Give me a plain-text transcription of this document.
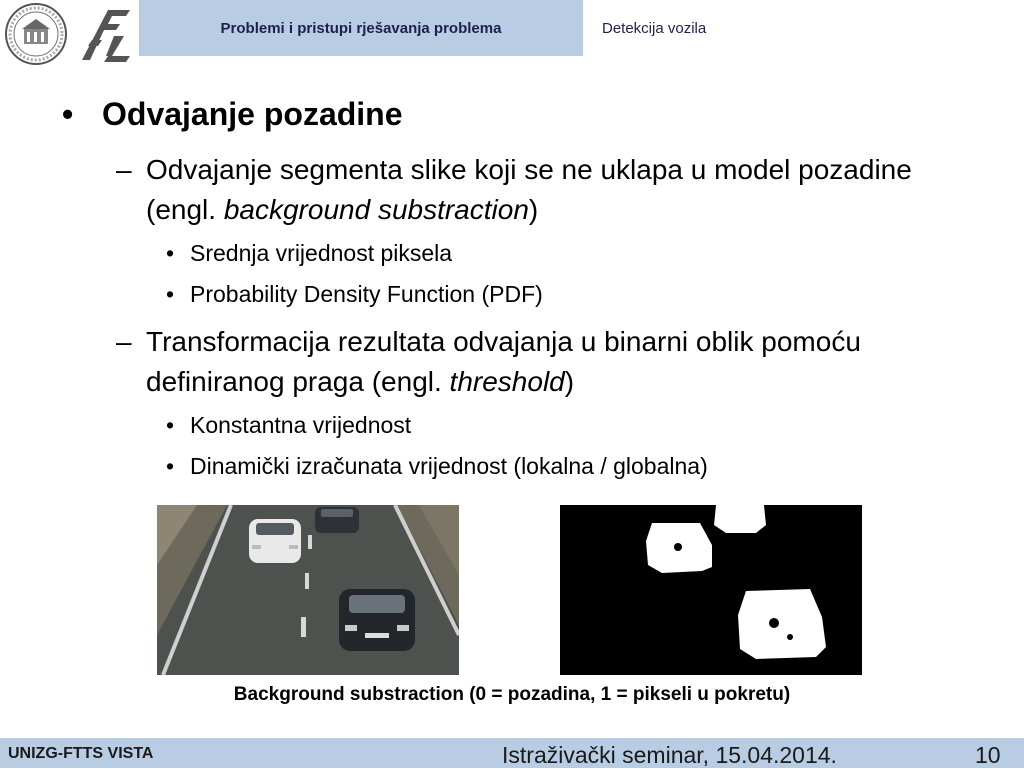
Problemi i pristupi rješavanja problema	Detekcija vozila
• Odvajanje pozadine
– Odvajanje segmenta slike koji se ne uklapa u model pozadine (engl. background substraction)
• Srednja vrijednost piksela
• Probability Density Function (PDF)
– Transformacija rezultata odvajanja u binarni oblik pomoću definiranog praga (engl. threshold)
• Konstantna vrijednost
• Dinamički izračunata vrijednost (lokalna / globalna)
Background substraction (0 = pozadina, 1 = pikseli u pokretu)
UNIZG-FTTS VISTA	Istraživački seminar, 15.04.2014.	10
